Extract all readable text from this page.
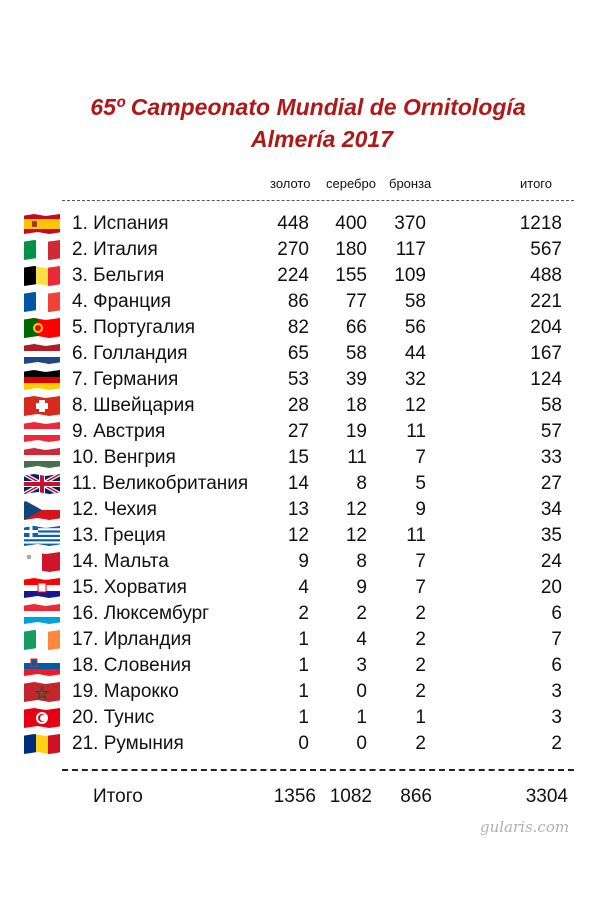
65º Campeonato Mundial de Ornitología
Almería 2017
золото серебро бронза	итого
1. Испания	448	400	370	1218
2. Италия	270	180	117	567
3. Бельгия	224	155	109	488
4. Франция	86	77	58	221
5. Португалия	82	66	56	204
6. Голландия	65	58	44	167
7. Германия	53	39	32	124
8. Швейцария	28	18	12	58
9. Австрия	27	19	11	57
10. Венгрия	15	11	7	33
11. Великобритания	14	8	5	27
12. Чехия	13	12	9	34
13. Греция	12	12	11	35
14. Мальта	9	8	7	24
15. Хорватия	4	9	7	20
16. Люксембург	2	2	2	6
17. Ирландия	1	4	2	7
18. Словения	1	3	2	6
19. Марокко	1	0	2	3
20. Тунис	1	1	1	3
21. Румыния	0	0	2	2
Итого	1356 1082	866	3304
gularis.com
